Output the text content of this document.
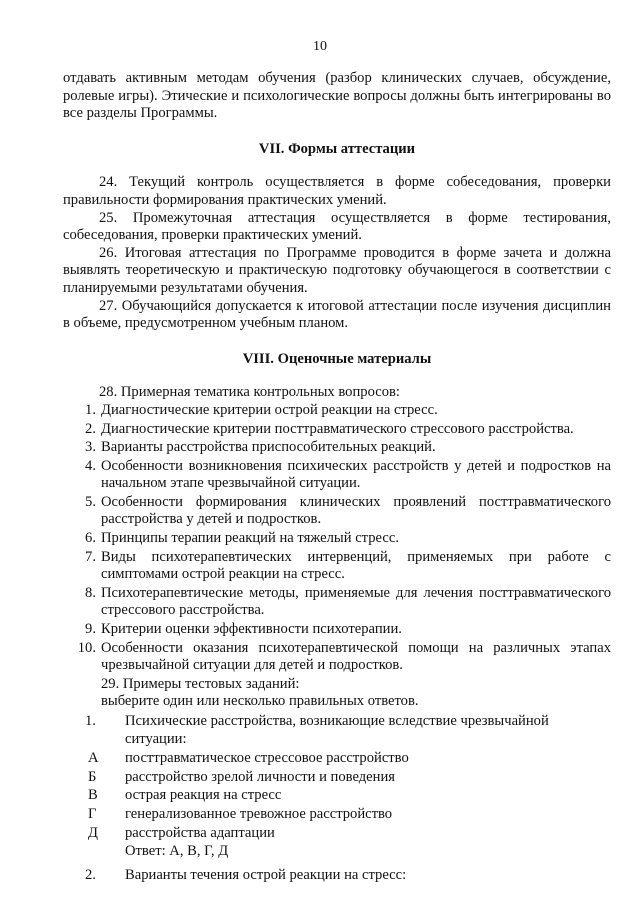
10

отдавать активным методам обучения (разбор клинических случаев, обсуждение, ролевые игры). Этические и психологические вопросы должны быть интегрированы во все разделы Программы.

VII. Формы аттестации

24. Текущий контроль осуществляется в форме собеседования, проверки правильности формирования практических умений.

25. Промежуточная аттестация осуществляется в форме тестирования, собеседования, проверки практических умений.

26. Итоговая аттестация по Программе проводится в форме зачета и должна выявлять теоретическую и практическую подготовку обучающегося в соответствии с планируемыми результатами обучения.

27. Обучающийся допускается к итоговой аттестации после изучения дисциплин в объеме, предусмотренном учебным планом.

VIII. Оценочные материалы

28. Примерная тематика контрольных вопросов:

1. Диагностические критерии острой реакции на стресс.
2. Диагностические критерии посттравматического стрессового расстройства.
3. Варианты расстройства приспособительных реакций.
4. Особенности возникновения психических расстройств у детей и подростков на начальном этапе чрезвычайной ситуации.
5. Особенности формирования клинических проявлений посттравматического расстройства у детей и подростков.
6. Принципы терапии реакций на тяжелый стресс.
7. Виды психотерапевтических интервенций, применяемых при работе с симптомами острой реакции на стресс.
8. Психотерапевтические методы, применяемые для лечения посттравматического стрессового расстройства.
9. Критерии оценки эффективности психотерапии.
10. Особенности оказания психотерапевтической помощи на различных этапах чрезвычайной ситуации для детей и подростков.

29. Примеры тестовых заданий:

выберите один или несколько правильных ответов.

1. Психические расстройства, возникающие вследствие чрезвычайной ситуации:
А посттравматическое стрессовое расстройство
Б расстройство зрелой личности и поведения
В острая реакция на стресс
Г генерализованное тревожное расстройство
Д расстройства адаптации
Ответ: А, В, Г, Д
2. Варианты течения острой реакции на стресс:
